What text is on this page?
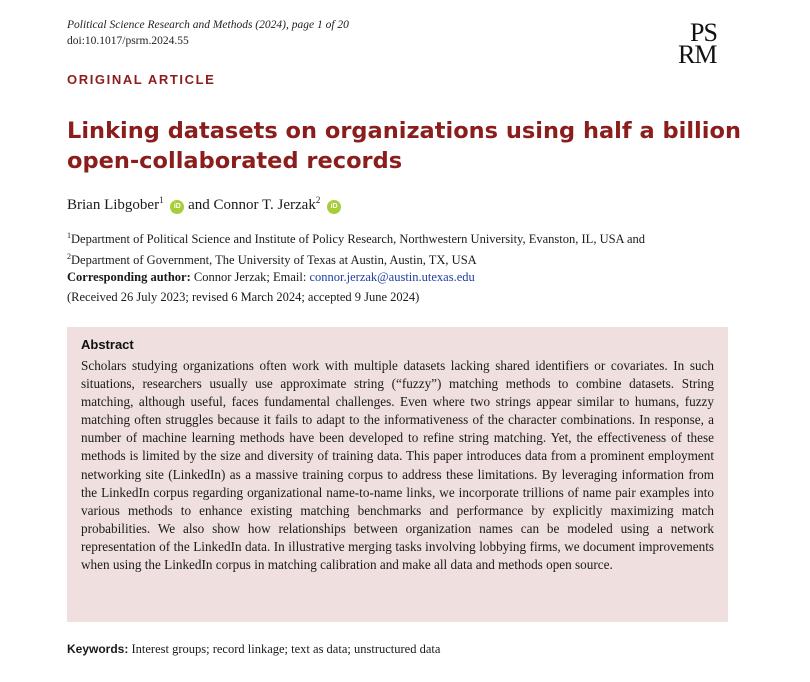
Political Science Research and Methods (2024), page 1 of 20
doi:10.1017/psrm.2024.55	PS
RM
ORIGINAL ARTICLE
Linking datasets on organizations using half a billion open-collaborated records
Brian Libgober$^1$ iD and Connor T. Jerzak$^2$ iD
$^1$Department of Political Science and Institute of Policy Research, Northwestern University, Evanston, IL, USA and
$^2$Department of Government, The University of Texas at Austin, Austin, TX, USA
Corresponding author: Connor Jerzak; Email: connor.jerzak@austin.utexas.edu
(Received 26 July 2023; revised 6 March 2024; accepted 9 June 2024)
Abstract

Scholars studying organizations often work with multiple datasets lacking shared identifiers or covariates. In such situations, researchers usually use approximate string (“fuzzy”) matching methods to combine datasets. String matching, although useful, faces fundamental challenges. Even where two strings appear similar to humans, fuzzy matching often struggles because it fails to adapt to the informativeness of the character combinations. In response, a number of machine learning methods have been developed to refine string matching. Yet, the effectiveness of these methods is limited by the size and diversity of training data. This paper introduces data from a prominent employment networking site (LinkedIn) as a massive training corpus to address these limitations. By leveraging information from the LinkedIn corpus regarding organizational name-to-name links, we incorporate trillions of name pair examples into various methods to enhance existing matching benchmarks and performance by explicitly maximizing match probabilities. We also show how relationships between organization names can be modeled using a network representation of the LinkedIn data. In illustrative merging tasks involving lobbying firms, we document improvements when using the LinkedIn corpus in matching calibration and make all data and methods open source.

Keywords: Interest groups; record linkage; text as data; unstructured data
